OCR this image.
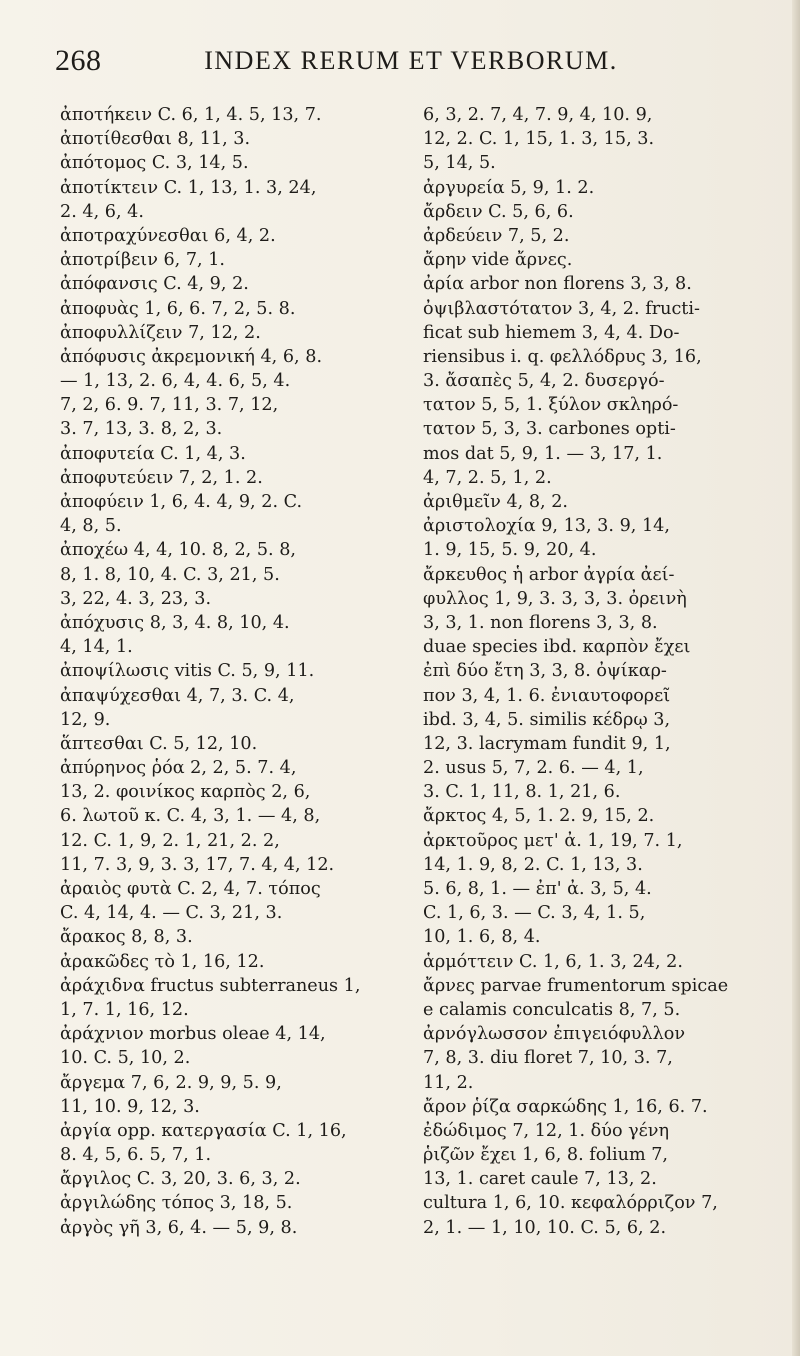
268	INDEX RERUM ET VERBORUM.
ἀποτήκειν C. 6, 1, 4. 5, 13, 7.
ἀποτίθεσθαι 8, 11, 3.
ἀπότομος C. 3, 14, 5.
ἀποτίκτειν C. 1, 13, 1. 3, 24,
2. 4, 6, 4.
ἀποτραχύνεσθαι 6, 4, 2.
ἀποτρίβειν 6, 7, 1.
ἀπόφανσις C. 4, 9, 2.
ἀποφυὰς 1, 6, 6. 7, 2, 5. 8.
ἀποφυλλίζειν 7, 12, 2.
ἀπόφυσις ἀκρεμονική 4, 6, 8.
— 1, 13, 2. 6, 4, 4. 6, 5, 4.
7, 2, 6. 9. 7, 11, 3. 7, 12,
3. 7, 13, 3. 8, 2, 3.
ἀποφυτεία C. 1, 4, 3.
ἀποφυτεύειν 7, 2, 1. 2.
ἀποφύειν 1, 6, 4. 4, 9, 2. C.
4, 8, 5.
ἀποχέω 4, 4, 10. 8, 2, 5. 8,
8, 1. 8, 10, 4. C. 3, 21, 5.
3, 22, 4. 3, 23, 3.
ἀπόχυσις 8, 3, 4. 8, 10, 4.
4, 14, 1.
ἀποψίλωσις vitis C. 5, 9, 11.
ἀπαψύχεσθαι 4, 7, 3. C. 4,
12, 9.
ἅπτεσθαι C. 5, 12, 10.
ἀπύρηνος ῥόα 2, 2, 5. 7. 4,
13, 2. φοινίκος καρπὸς 2, 6,
6. λωτοῦ κ. C. 4, 3, 1. — 4, 8,
12. C. 1, 9, 2. 1, 21, 2. 2,
11, 7. 3, 9, 3. 3, 17, 7. 4, 4, 12.
ἀραιὸς φυτὰ C. 2, 4, 7. τόπος
C. 4, 14, 4. — C. 3, 21, 3.
ἄρακος 8, 8, 3.
ἀρακῶδες τὸ 1, 16, 12.
ἀράχιδνα fructus subterraneus 1,
1, 7. 1, 16, 12.
ἀράχνιον morbus oleae 4, 14,
10. C. 5, 10, 2.
ἄργεμα 7, 6, 2. 9, 9, 5. 9,
11, 10. 9, 12, 3.
ἀργία opp. κατεργασία C. 1, 16,
8. 4, 5, 6. 5, 7, 1.
ἄργιλος C. 3, 20, 3. 6, 3, 2.
ἀργιλώδης τόπος 3, 18, 5.
ἀργὸς γῆ 3, 6, 4. — 5, 9, 8.
6, 3, 2. 7, 4, 7. 9, 4, 10. 9,
12, 2. C. 1, 15, 1. 3, 15, 3.
5, 14, 5.
ἀργυρεία 5, 9, 1. 2.
ἄρδειν C. 5, 6, 6.
ἀρδεύειν 7, 5, 2.
ἄρην vide ἄρνες.
ἀρία arbor non florens 3, 3, 8.
ὀψιβλαστότατον 3, 4, 2. fructi-
ficat sub hiemem 3, 4, 4. Do-
riensibus i. q. φελλόδρυς 3, 16,
3. ἄσαπὲς 5, 4, 2. δυσεργό-
τατον 5, 5, 1. ξύλον σκληρό-
τατον 5, 3, 3. carbones opti-
mos dat 5, 9, 1. — 3, 17, 1.
4, 7, 2. 5, 1, 2.
ἀριθμεῖν 4, 8, 2.
ἀριστολοχία 9, 13, 3. 9, 14,
1. 9, 15, 5. 9, 20, 4.
ἄρκευθος ἡ arbor ἀγρία ἀεί-
φυλλος 1, 9, 3. 3, 3, 3. ὀρεινὴ
3, 3, 1. non florens 3, 3, 8.
duae species ibd. καρπὸν ἔχει
ἐπὶ δύο ἔτη 3, 3, 8. ὀψίκαρ-
πον 3, 4, 1. 6. ἐνιαυτοφορεῖ
ibd. 3, 4, 5. similis κέδρῳ 3,
12, 3. lacrymam fundit 9, 1,
2. usus 5, 7, 2. 6. — 4, 1,
3. C. 1, 11, 8. 1, 21, 6.
ἄρκτος 4, 5, 1. 2. 9, 15, 2.
ἀρκτοῦρος μετ' ἀ. 1, 19, 7. 1,
14, 1. 9, 8, 2. C. 1, 13, 3.
5. 6, 8, 1. — ἐπ' ἀ. 3, 5, 4.
C. 1, 6, 3. — C. 3, 4, 1. 5,
10, 1. 6, 8, 4.
ἁρμόττειν C. 1, 6, 1. 3, 24, 2.
ἄρνες parvae frumentorum spicae
e calamis conculcatis 8, 7, 5.
ἀρνόγλωσσον ἐπιγειόφυλλον
7, 8, 3. diu floret 7, 10, 3. 7,
11, 2.
ἄρον ῥίζα σαρκώδης 1, 16, 6. 7.
ἐδώδιμος 7, 12, 1. δύο γένη
ῥιζῶν ἔχει 1, 6, 8. folium 7,
13, 1. caret caule 7, 13, 2.
cultura 1, 6, 10. κεφαλόρριζον 7,
2, 1. — 1, 10, 10. C. 5, 6, 2.
